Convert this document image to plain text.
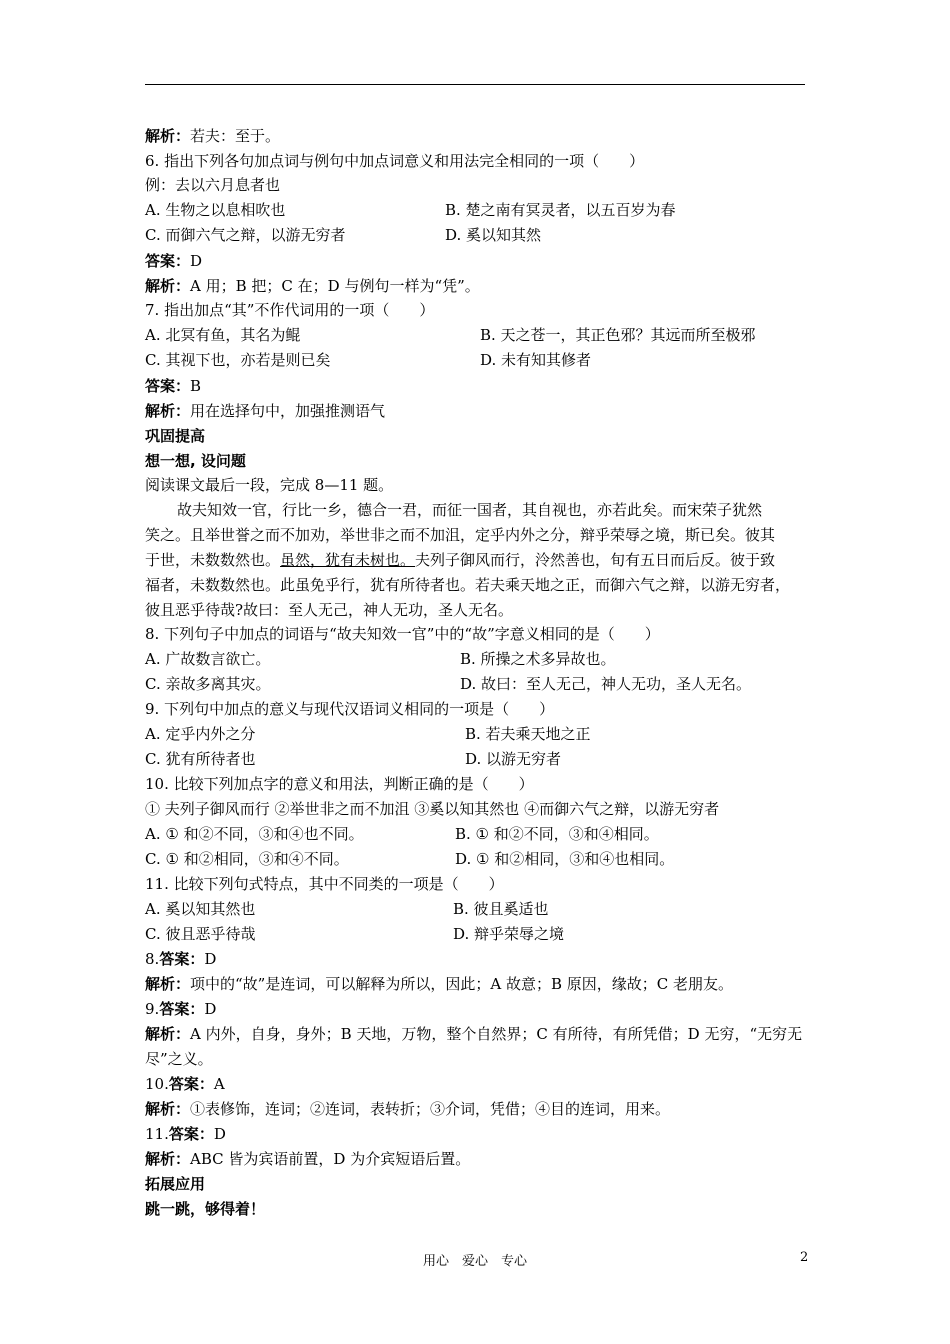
解析：若夫：至于。
6. 指出下列各句加点词与例句中加点词意义和用法完全相同的一项（　　）
例：去以六月息者也
A. 生物之以息相吹也	B. 楚之南有冥灵者，以五百岁为春
C. 而御六气之辩，以游无穷者	D. 奚以知其然
答案：D
解析：A 用；B 把；C 在；D 与例句一样为“凭”。
7. 指出加点“其”不作代词用的一项（　　）
A. 北冥有鱼，其名为鲲	B. 天之苍一，其正色邪？其远而所至极邪
C. 其视下也，亦若是则已矣	D. 未有知其修者
答案：B
解析：用在选择句中，加强推测语气
巩固提高
想一想, 设问题
阅读课文最后一段，完成 8—11 题。
故夫知效一官，行比一乡，德合一君，而征一国者，其自视也，亦若此矣。而宋荣子犹然
笑之。且举世誉之而不加劝，举世非之而不加沮，定乎内外之分，辩乎荣辱之境，斯已矣。彼其
于世，未数数然也。虽然，犹有未树也。夫列子御风而行，泠然善也，旬有五日而后反。彼于致
福者，未数数然也。此虽免乎行，犹有所待者也。若夫乘天地之正，而御六气之辩，以游无穷者，
彼且恶乎待哉?故曰：至人无己，神人无功，圣人无名。
8. 下列句子中加点的词语与“故夫知效一官”中的“故”字意义相同的是（　　）
A. 广故数言欲亡。	B. 所操之术多异故也。
C. 亲故多离其灾。	D. 故曰：至人无己，神人无功，圣人无名。
9. 下列句中加点的意义与现代汉语词义相同的一项是（　　）
A. 定乎内外之分	B. 若夫乘天地之正
C. 犹有所待者也	D. 以游无穷者
10. 比较下列加点字的意义和用法，判断正确的是（　　）
① 夫列子御风而行 ②举世非之而不加沮 ③奚以知其然也 ④而御六气之辩，以游无穷者
A. ① 和②不同，③和④也不同。	B. ① 和②不同，③和④相同。
C. ① 和②相同，③和④不同。	D. ① 和②相同，③和④也相同。
11. 比较下列句式特点，其中不同类的一项是（　　）
A. 奚以知其然也	B. 彼且奚适也
C. 彼且恶乎待哉	D. 辩乎荣辱之境
8.答案：D
解析：项中的“故”是连词，可以解释为所以，因此；A 故意；B 原因，缘故；C 老朋友。
9.答案：D
解析：A 内外，自身，身外；B 天地，万物，整个自然界；C 有所待，有所凭借；D 无穷，“无穷无
尽”之义。
10.答案：A
解析：①表修饰，连词；②连词，表转折；③介词，凭借；④目的连词，用来。
11.答案：D
解析：ABC 皆为宾语前置，D 为介宾短语后置。
拓展应用
跳一跳，够得着！
用心　爱心　专心	2
